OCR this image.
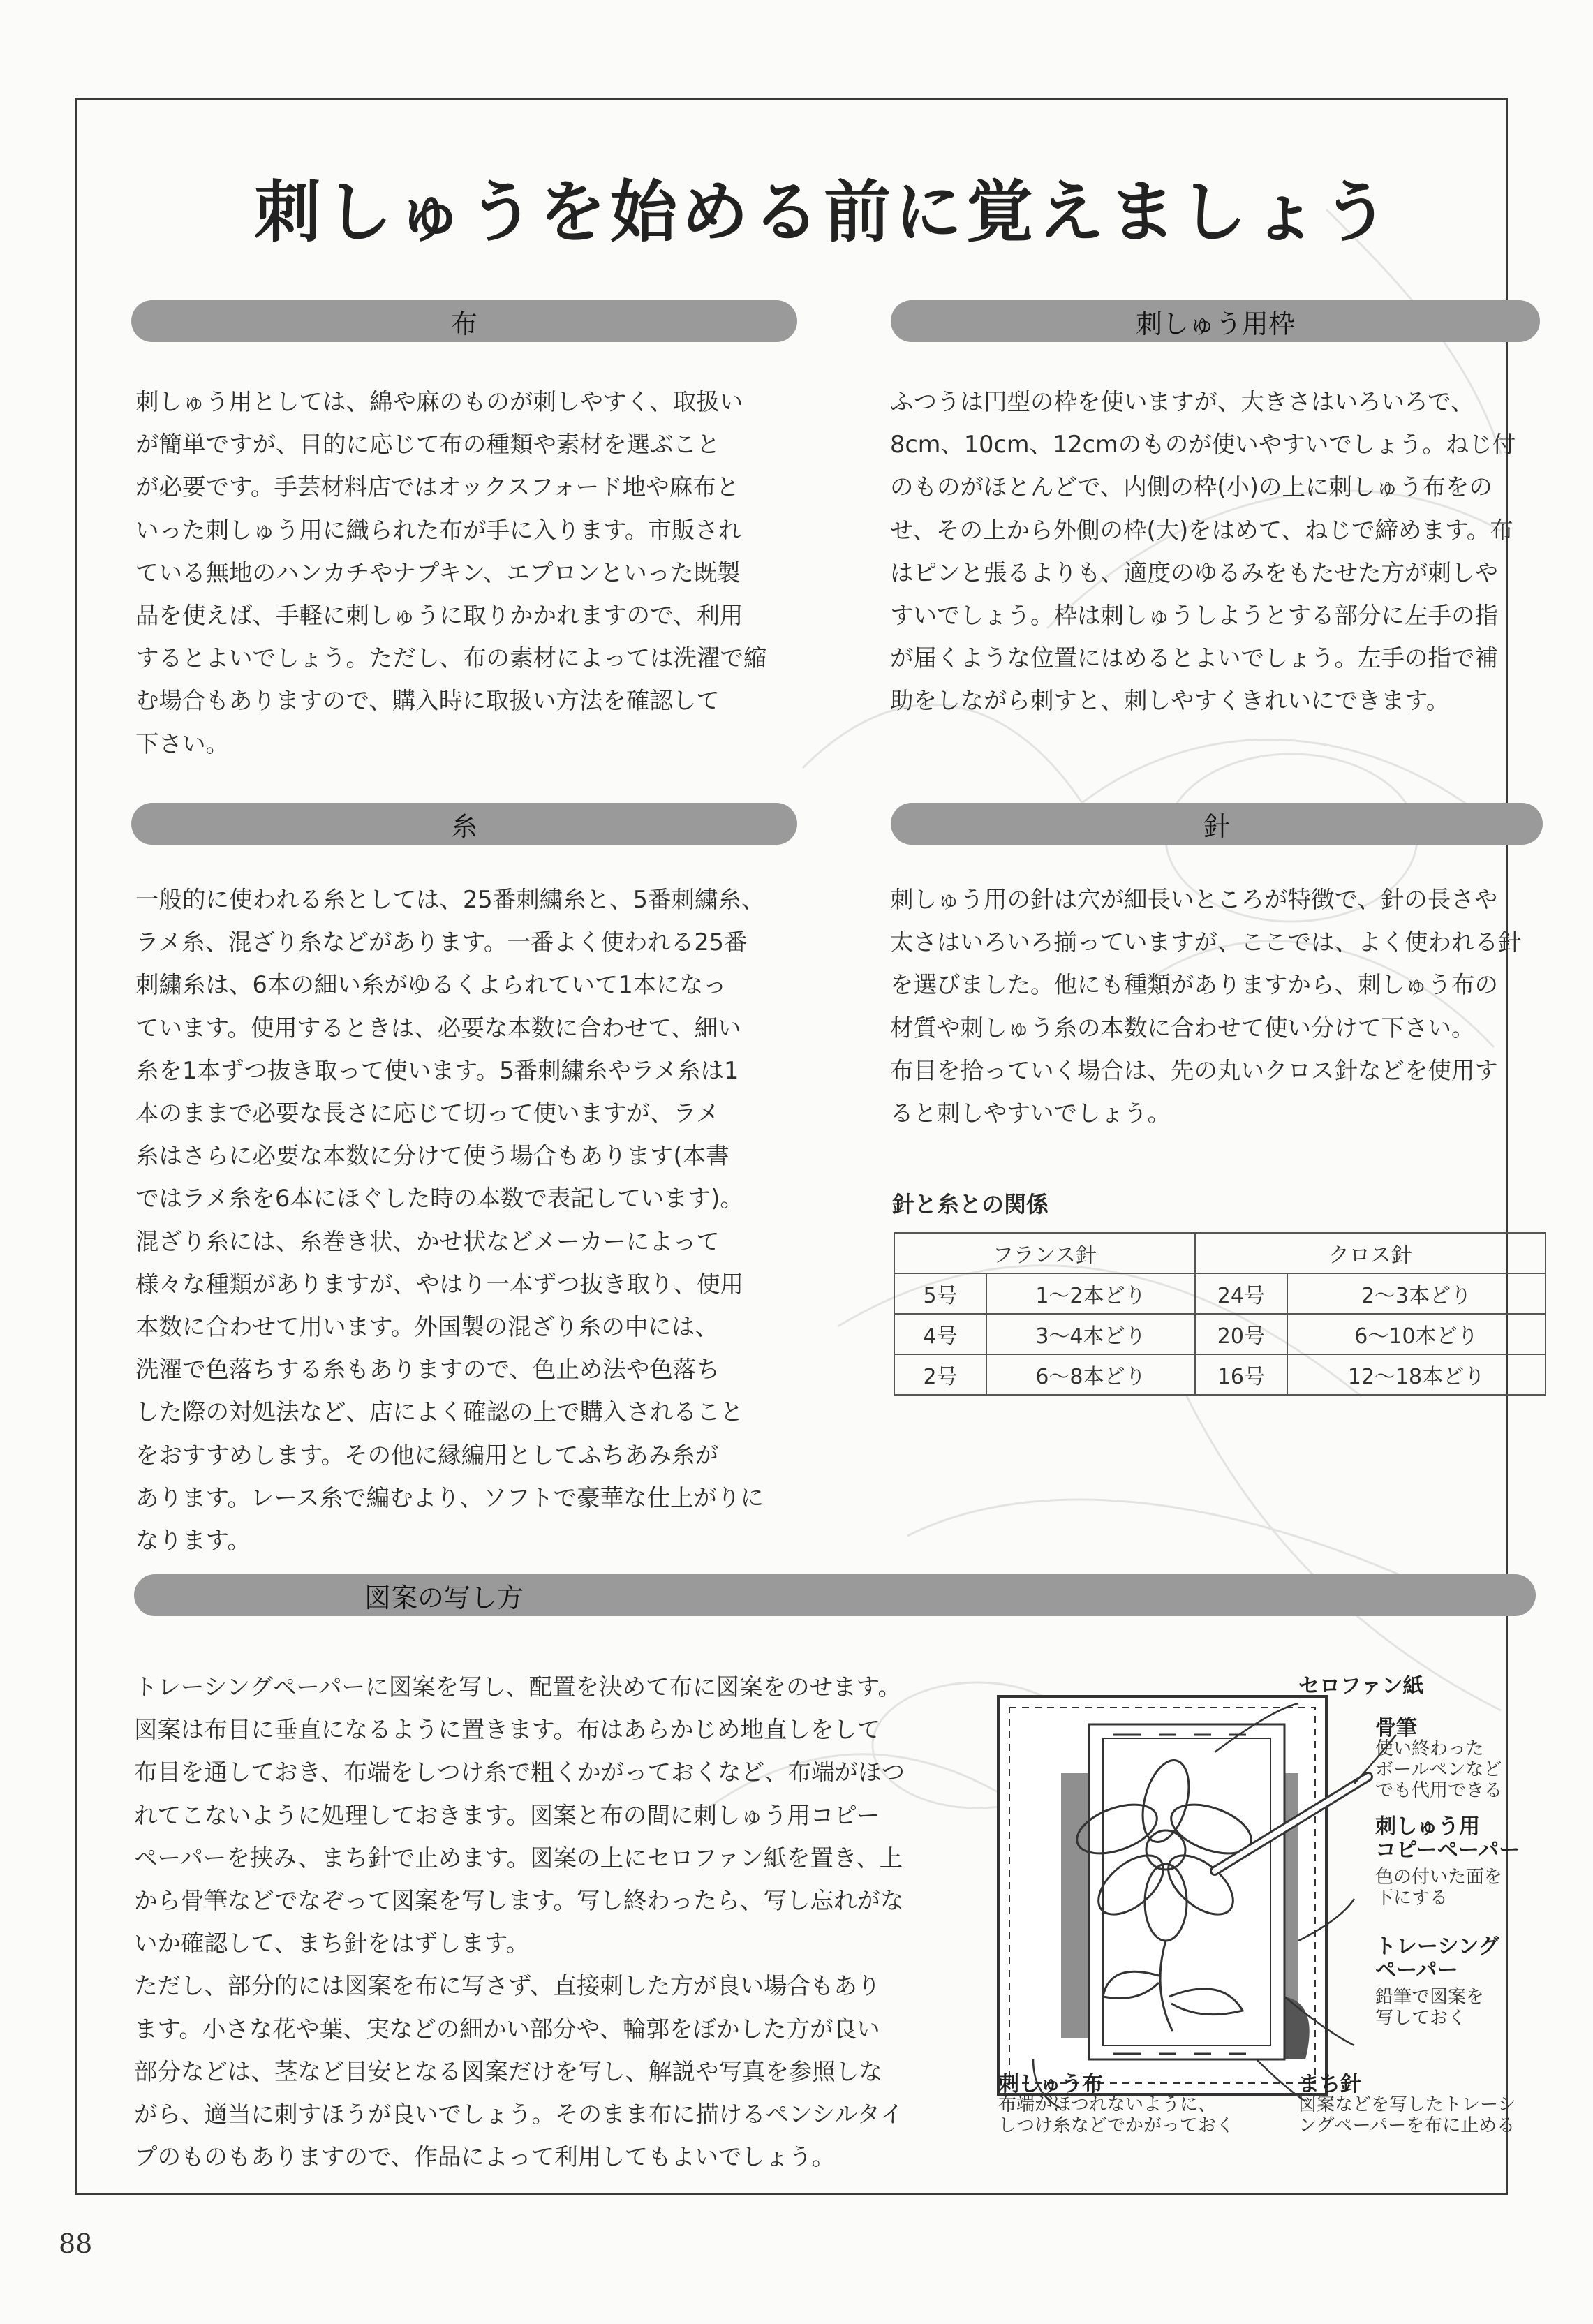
刺しゅうを始める前に覚えましょう
布

刺しゅう用としては、綿や麻のものが刺しやすく、取扱い

が簡単ですが、目的に応じて布の種類や素材を選ぶこと

が必要です。手芸材料店ではオックスフォード地や麻布と

いった刺しゅう用に織られた布が手に入ります。市販され

ている無地のハンカチやナプキン、エプロンといった既製

品を使えば、手軽に刺しゅうに取りかかれますので、利用

するとよいでしょう。ただし、布の素材によっては洗濯で縮

む場合もありますので、購入時に取扱い方法を確認して

下さい。

刺しゅう用枠

ふつうは円型の枠を使いますが、大きさはいろいろで、

8cm、10cm、12cmのものが使いやすいでしょう。ねじ付

のものがほとんどで、内側の枠(小)の上に刺しゅう布をの

せ、その上から外側の枠(大)をはめて、ねじで締めます。布

はピンと張るよりも、適度のゆるみをもたせた方が刺しや

すいでしょう。枠は刺しゅうしようとする部分に左手の指

が届くような位置にはめるとよいでしょう。左手の指で補

助をしながら刺すと、刺しやすくきれいにできます。

糸

一般的に使われる糸としては、25番刺繍糸と、5番刺繍糸、

ラメ糸、混ざり糸などがあります。一番よく使われる25番

刺繍糸は、6本の細い糸がゆるくよられていて1本になっ

ています。使用するときは、必要な本数に合わせて、細い

糸を1本ずつ抜き取って使います。5番刺繍糸やラメ糸は1

本のままで必要な長さに応じて切って使いますが、ラメ

糸はさらに必要な本数に分けて使う場合もあります(本書

ではラメ糸を6本にほぐした時の本数で表記しています)。

混ざり糸には、糸巻き状、かせ状などメーカーによって

様々な種類がありますが、やはり一本ずつ抜き取り、使用

本数に合わせて用います。外国製の混ざり糸の中には、

洗濯で色落ちする糸もありますので、色止め法や色落ち

した際の対処法など、店によく確認の上で購入されること

をおすすめします。その他に縁編用としてふちあみ糸が

あります。レース糸で編むより、ソフトで豪華な仕上がりに

なります。

針

刺しゅう用の針は穴が細長いところが特徴で、針の長さや

太さはいろいろ揃っていますが、ここでは、よく使われる針

を選びました。他にも種類がありますから、刺しゅう布の

材質や刺しゅう糸の本数に合わせて使い分けて下さい。

布目を拾っていく場合は、先の丸いクロス針などを使用す

ると刺しやすいでしょう。

針と糸との関係

フランス針		クロス針	
5号	1〜2本どり	24号	2〜3本どり
4号	3〜4本どり	20号	6〜10本どり
2号	6〜8本どり	16号	12〜18本どり
図案の写し方

トレーシングペーパーに図案を写し、配置を決めて布に図案をのせます。

図案は布目に垂直になるように置きます。布はあらかじめ地直しをして

布目を通しておき、布端をしつけ糸で粗くかがっておくなど、布端がほつ

れてこないように処理しておきます。図案と布の間に刺しゅう用コピー

ペーパーを挟み、まち針で止めます。図案の上にセロファン紙を置き、上

から骨筆などでなぞって図案を写します。写し終わったら、写し忘れがな

いか確認して、まち針をはずします。

ただし、部分的には図案を布に写さず、直接刺した方が良い場合もあり

ます。小さな花や葉、実などの細かい部分や、輪郭をぼかした方が良い

部分などは、茎など目安となる図案だけを写し、解説や写真を参照しな

がら、適当に刺すほうが良いでしょう。そのまま布に描けるペンシルタイ

プのものもありますので、作品によって利用してもよいでしょう。

セロファン紙

骨筆

使い終わった
ボールペンなど
でも代用できる

刺しゅう用
コピーペーパー

色の付いた面を
下にする

トレーシング
ペーパー

鉛筆で図案を
写しておく

刺しゅう布

布端がほつれないように、
しつけ糸などでかがっておく

まち針

図案などを写したトレーシ
ングペーパーを布に止める

88
